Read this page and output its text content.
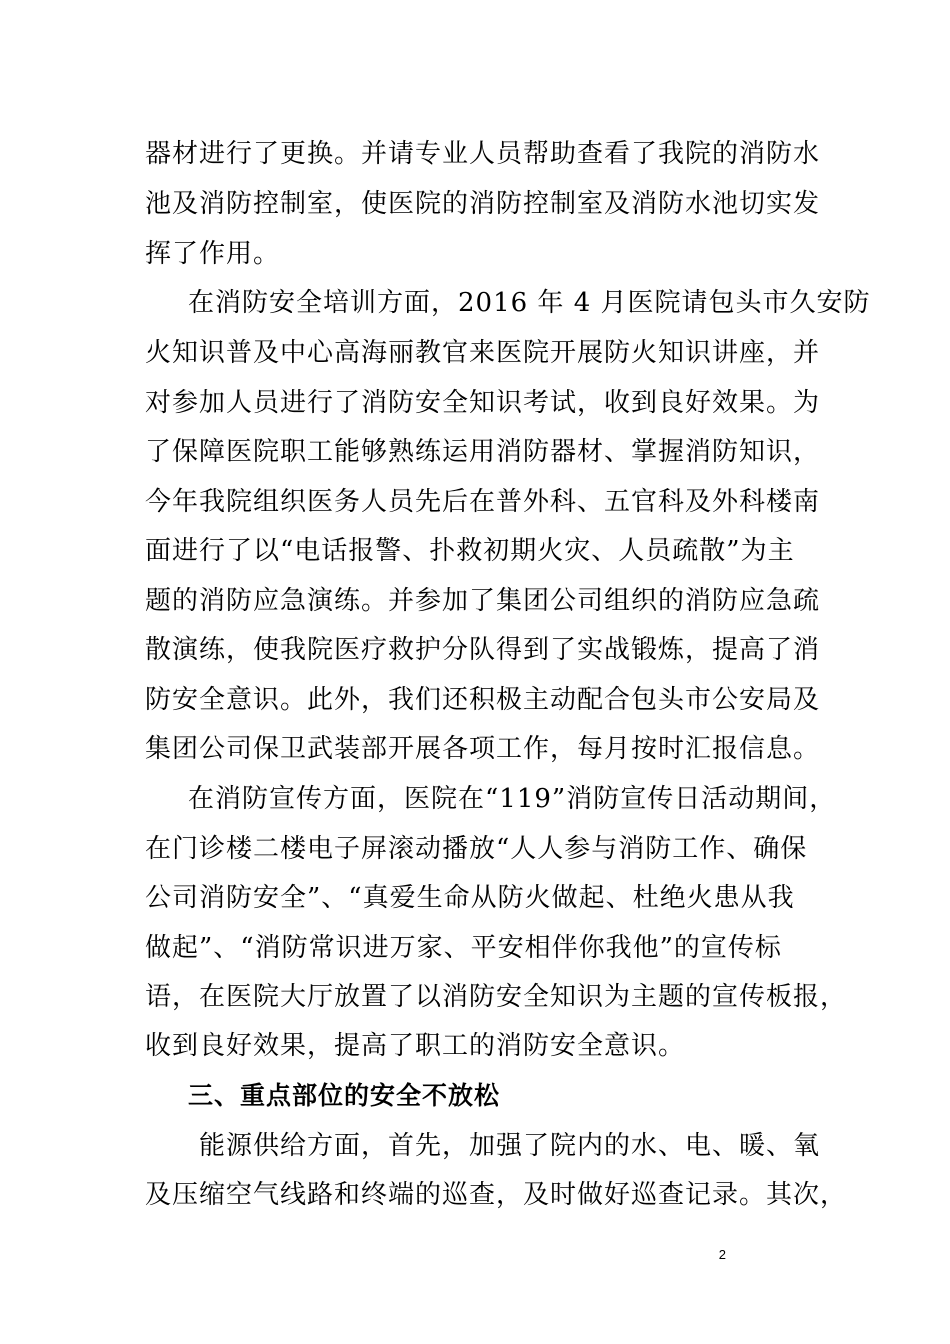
器材进行了更换。并请专业人员帮助查看了我院的消防水
池及消防控制室，使医院的消防控制室及消防水池切实发
挥了作用。
在消防安全培训方面，2016 年 4 月医院请包头市久安防
火知识普及中心高海丽教官来医院开展防火知识讲座，并
对参加人员进行了消防安全知识考试，收到良好效果。为
了保障医院职工能够熟练运用消防器材、掌握消防知识，
今年我院组织医务人员先后在普外科、五官科及外科楼南
面进行了以“电话报警、扑救初期火灾、人员疏散”为主
题的消防应急演练。并参加了集团公司组织的消防应急疏
散演练，使我院医疗救护分队得到了实战锻炼，提高了消
防安全意识。此外，我们还积极主动配合包头市公安局及
集团公司保卫武装部开展各项工作，每月按时汇报信息。
在消防宣传方面，医院在“119”消防宣传日活动期间，
在门诊楼二楼电子屏滚动播放“人人参与消防工作、确保
公司消防安全”、“真爱生命从防火做起、杜绝火患从我
做起”、“消防常识进万家、平安相伴你我他”的宣传标
语，在医院大厅放置了以消防安全知识为主题的宣传板报，
收到良好效果，提高了职工的消防安全意识。
三、重点部位的安全不放松
能源供给方面，首先，加强了院内的水、电、暖、氧
及压缩空气线路和终端的巡查，及时做好巡查记录。其次，
2
